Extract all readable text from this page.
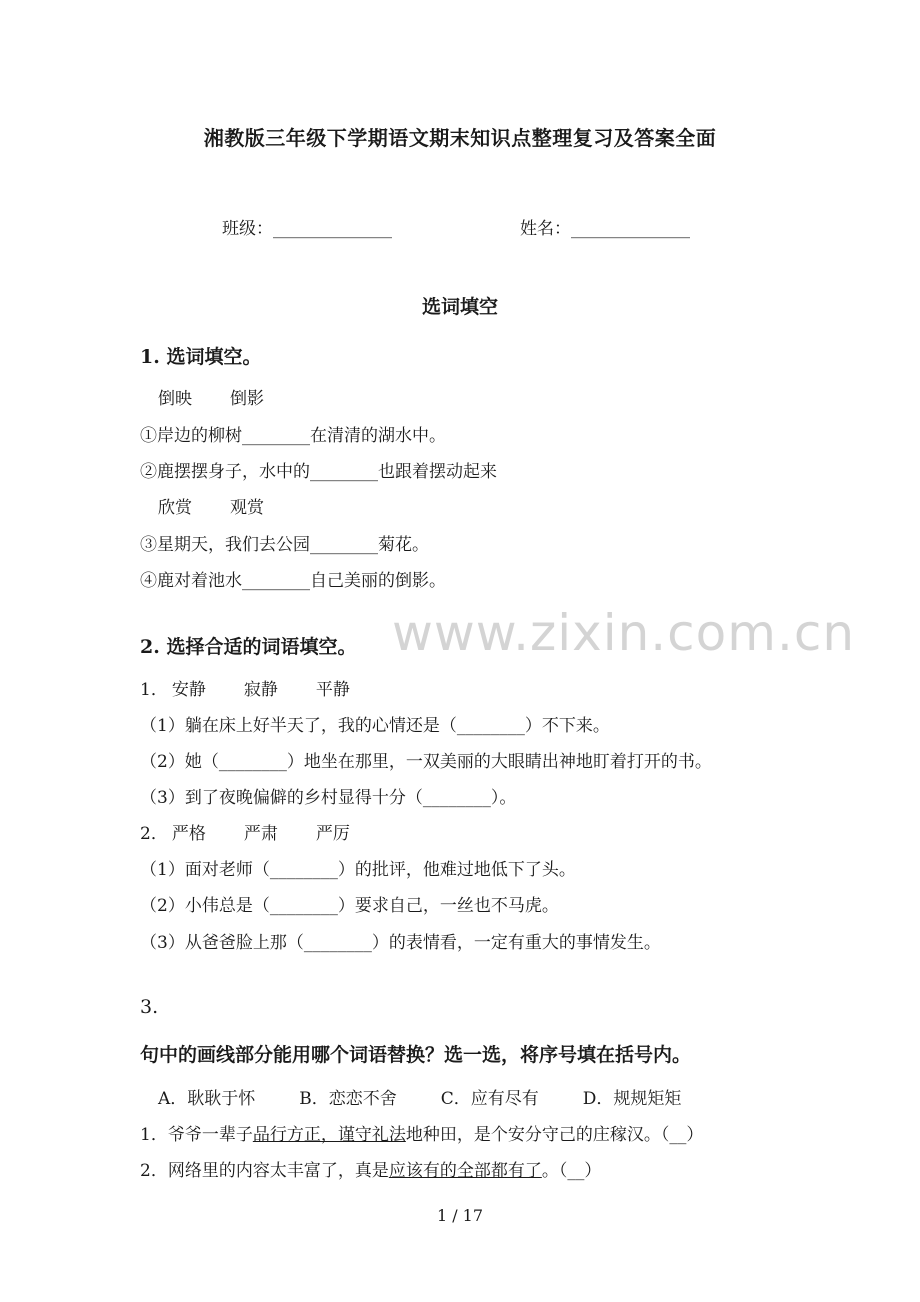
湘教版三年级下学期语文期末知识点整理复习及答案全面
班级：______________	姓名：______________
选词填空
1. 选词填空。
倒映 倒影
①岸边的柳树________在清清的湖水中。
②鹿摆摆身子，水中的________也跟着摆动起来
欣赏 观赏
③星期天，我们去公园________菊花。
④鹿对着池水________自己美丽的倒影。
www.zixin.com.cn
2. 选择合适的词语填空。
1． 安静 寂静 平静
（1）躺在床上好半天了，我的心情还是（________）不下来。
（2）她（________）地坐在那里，一双美丽的大眼睛出神地盯着打开的书。
（3）到了夜晚偏僻的乡村显得十分（________）。
2． 严格 严肃 严厉
（1）面对老师（________）的批评，他难过地低下了头。
（2）小伟总是（________）要求自己，一丝也不马虎。
（3）从爸爸脸上那（________）的表情看，一定有重大的事情发生。
3.
句中的画线部分能用哪个词语替换？选一选，将序号填在括号内。
A．耿耿于怀	B．恋恋不舍	C．应有尽有	D．规规矩矩
1．爷爷一辈子品行方正，谨守礼法地种田，是个安分守己的庄稼汉。（__）
2．网络里的内容太丰富了，真是应该有的全部都有了。（__）
1 / 17
